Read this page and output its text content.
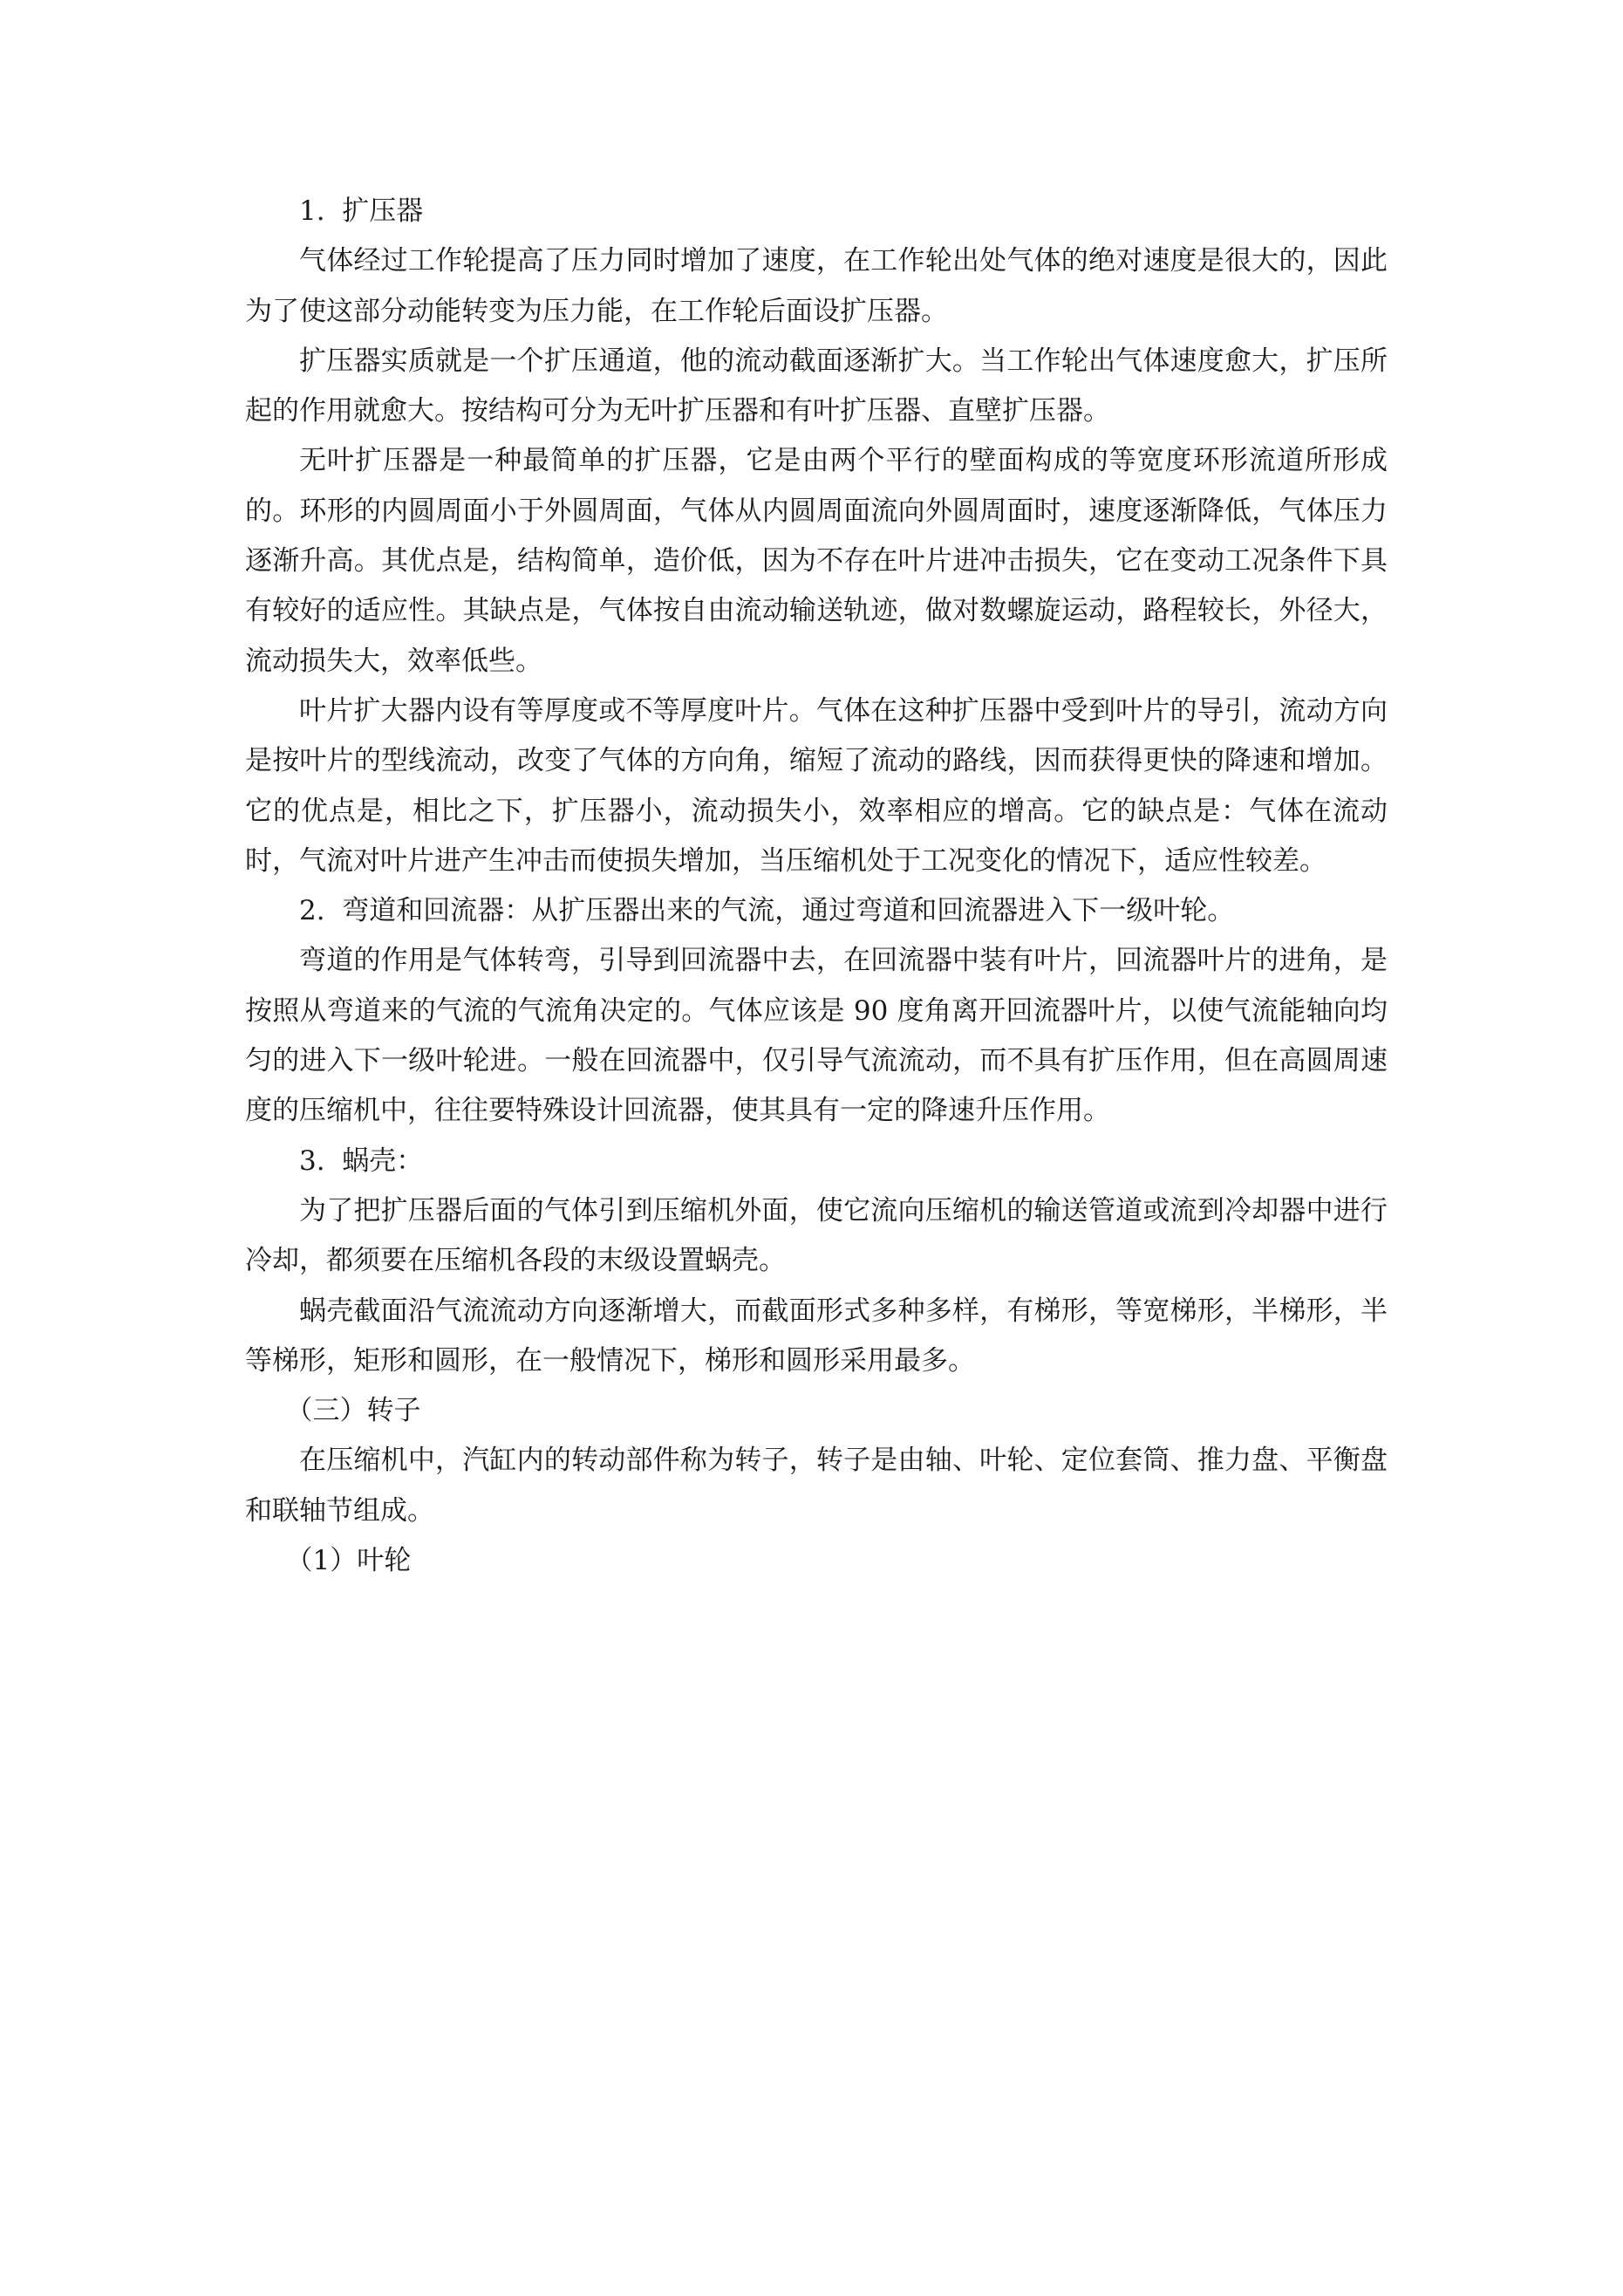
1.  扩压器

气体经过工作轮提高了压力同时增加了速度，在工作轮出处气体的绝对速度是很大的，因此为了使这部分动能转变为压力能，在工作轮后面设扩压器。

扩压器实质就是一个扩压通道，他的流动截面逐渐扩大。当工作轮出气体速度愈大，扩压所起的作用就愈大。按结构可分为无叶扩压器和有叶扩压器、直壁扩压器。

无叶扩压器是一种最简单的扩压器，它是由两个平行的壁面构成的等宽度环形流道所形成的。环形的内圆周面小于外圆周面，气体从内圆周面流向外圆周面时，速度逐渐降低，气体压力逐渐升高。其优点是，结构简单，造价低，因为不存在叶片进冲击损失，它在变动工况条件下具有较好的适应性。其缺点是，气体按自由流动输送轨迹，做对数螺旋运动，路程较长，外径大，流动损失大，效率低些。

叶片扩大器内设有等厚度或不等厚度叶片。气体在这种扩压器中受到叶片的导引，流动方向是按叶片的型线流动，改变了气体的方向角，缩短了流动的路线，因而获得更快的降速和增加。它的优点是，相比之下，扩压器小，流动损失小，效率相应的增高。它的缺点是：气体在流动时，气流对叶片进产生冲击而使损失增加，当压缩机处于工况变化的情况下，适应性较差。

2.  弯道和回流器：从扩压器出来的气流，通过弯道和回流器进入下一级叶轮。

弯道的作用是气体转弯，引导到回流器中去，在回流器中装有叶片，回流器叶片的进角，是按照从弯道来的气流的气流角决定的。气体应该是 90 度角离开回流器叶片，以使气流能轴向均匀的进入下一级叶轮进。一般在回流器中，仅引导气流流动，而不具有扩压作用，但在高圆周速度的压缩机中，往往要特殊设计回流器，使其具有一定的降速升压作用。

3.  蜗壳：

为了把扩压器后面的气体引到压缩机外面，使它流向压缩机的输送管道或流到冷却器中进行冷却，都须要在压缩机各段的末级设置蜗壳。

蜗壳截面沿气流流动方向逐渐增大，而截面形式多种多样，有梯形，等宽梯形，半梯形，半等梯形，矩形和圆形，在一般情况下，梯形和圆形采用最多。

（三）转子

在压缩机中，汽缸内的转动部件称为转子，转子是由轴、叶轮、定位套筒、推力盘、平衡盘和联轴节组成。

（1）叶轮
